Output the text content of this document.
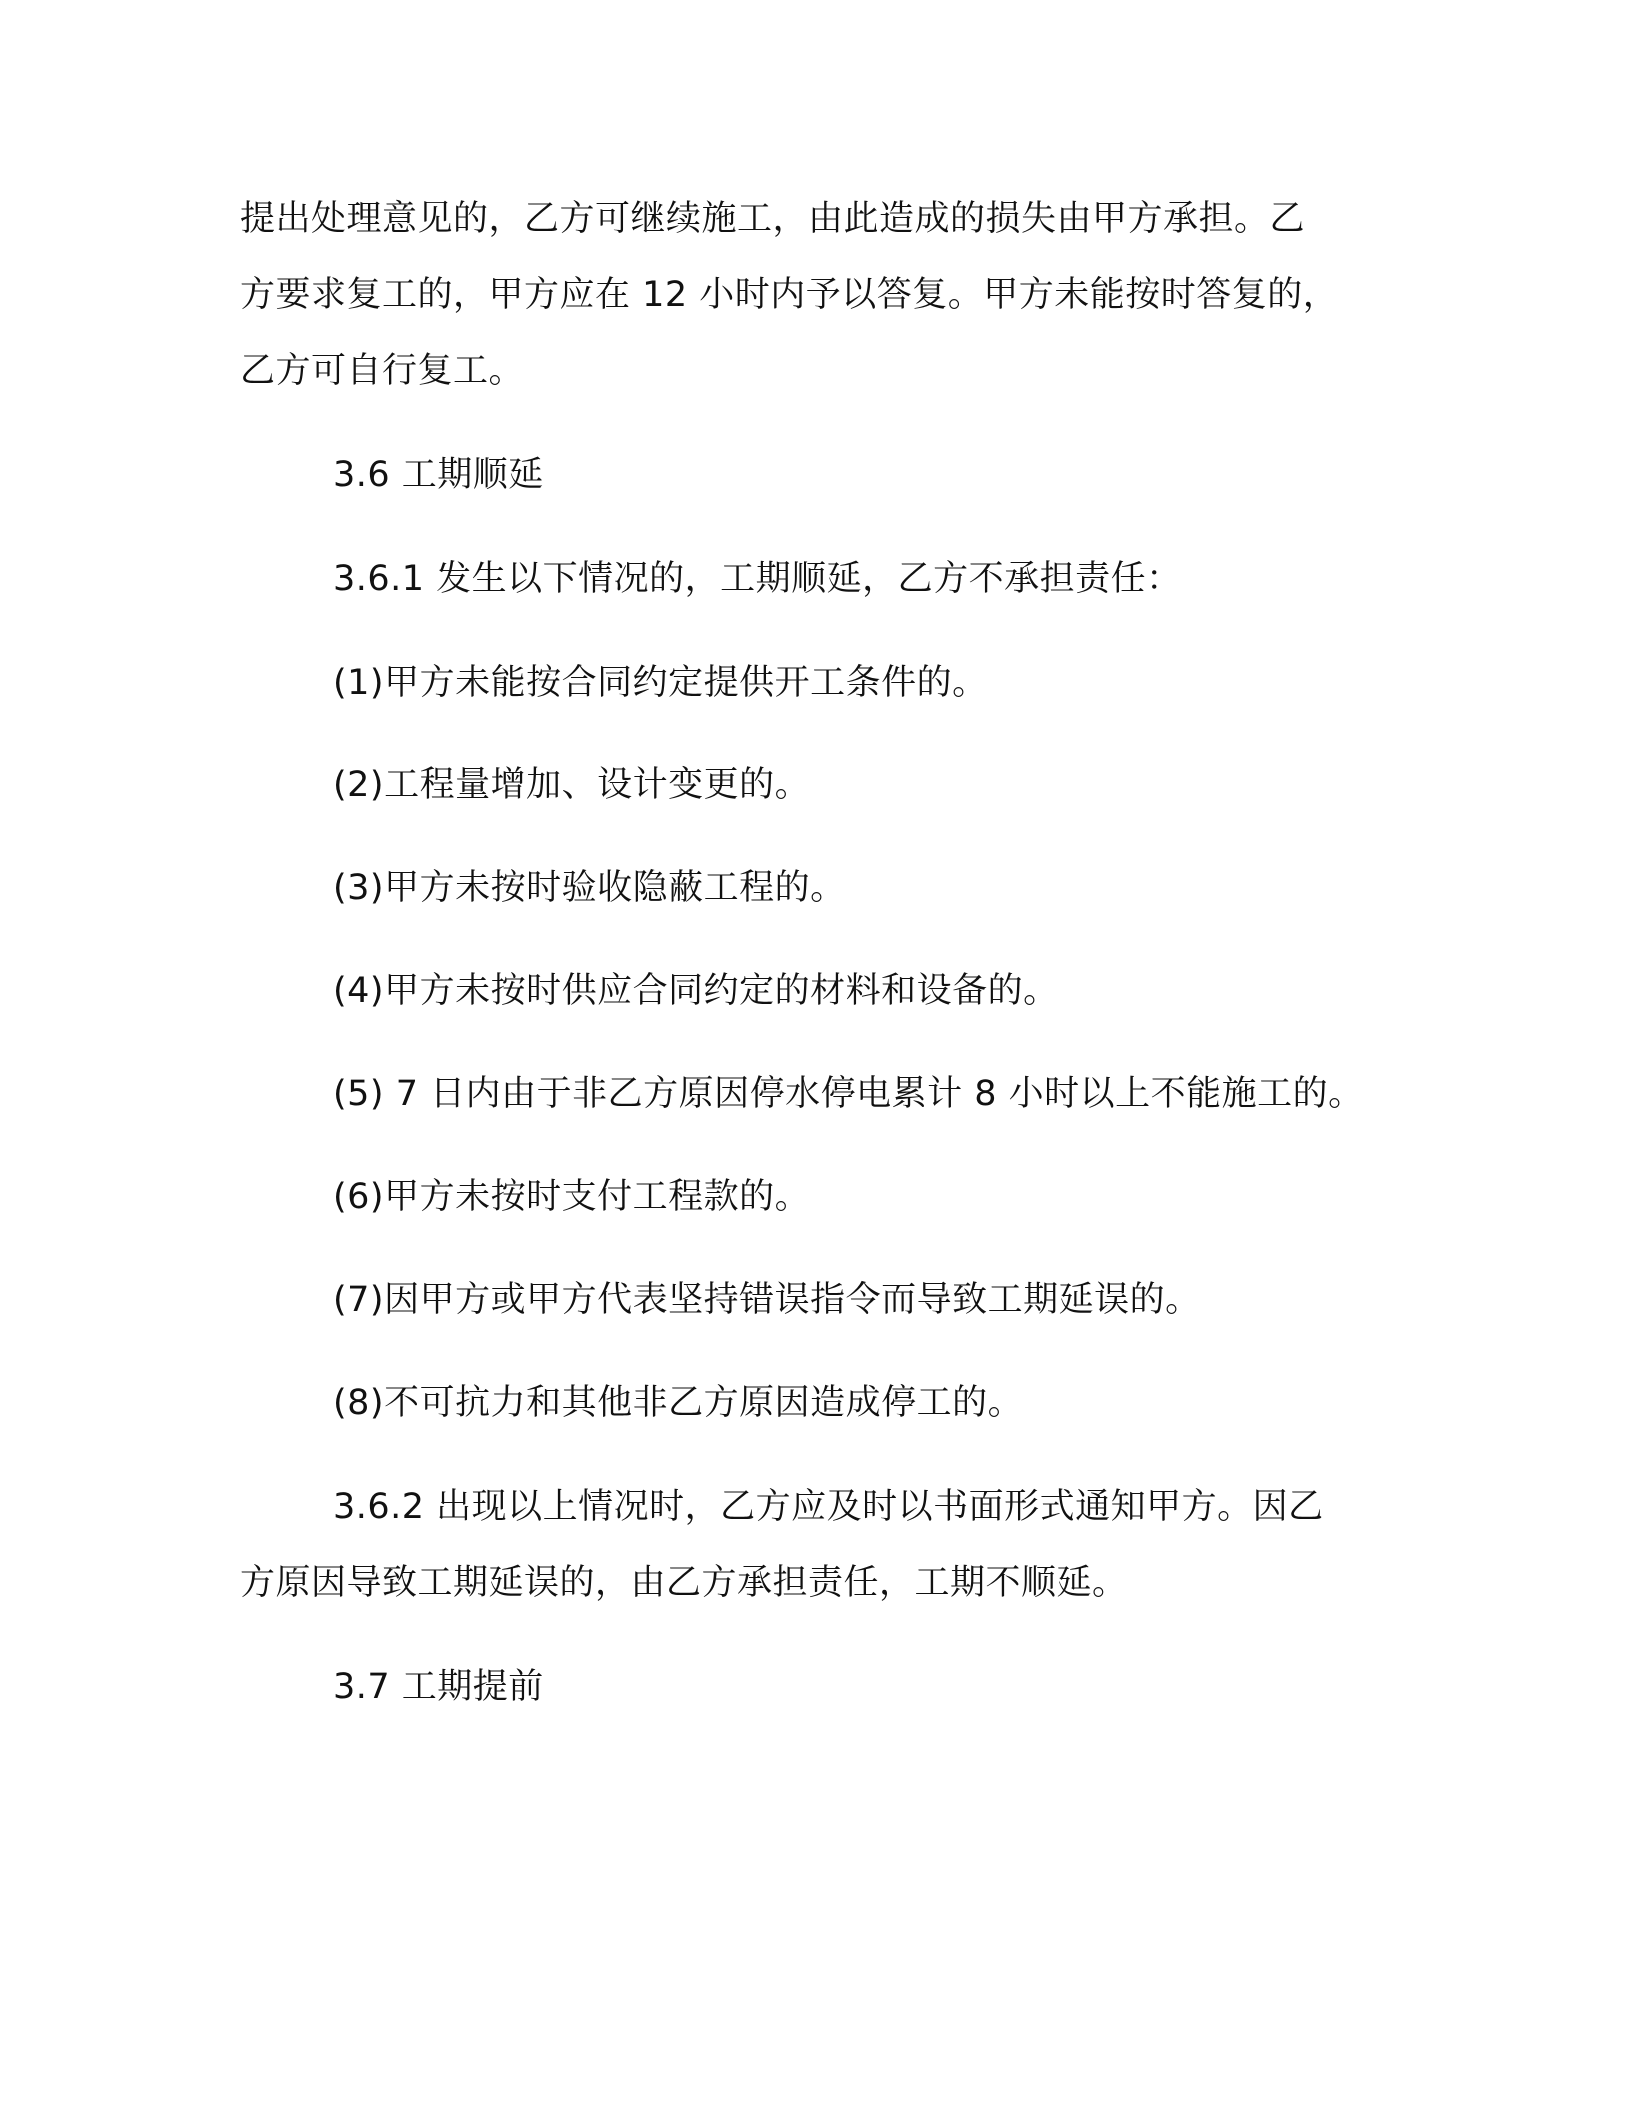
提出处理意见的，乙方可继续施工，由此造成的损失由甲方承担。乙
方要求复工的，甲方应在 12 小时内予以答复。甲方未能按时答复的，
乙方可自行复工。
3.6 工期顺延
3.6.1 发生以下情况的，工期顺延，乙方不承担责任：
(1)甲方未能按合同约定提供开工条件的。
(2)工程量增加、设计变更的。
(3)甲方未按时验收隐蔽工程的。
(4)甲方未按时供应合同约定的材料和设备的。
(5) 7 日内由于非乙方原因停水停电累计 8 小时以上不能施工的。
(6)甲方未按时支付工程款的。
(7)因甲方或甲方代表坚持错误指令而导致工期延误的。
(8)不可抗力和其他非乙方原因造成停工的。
3.6.2 出现以上情况时，乙方应及时以书面形式通知甲方。因乙
方原因导致工期延误的，由乙方承担责任，工期不顺延。
3.7 工期提前
